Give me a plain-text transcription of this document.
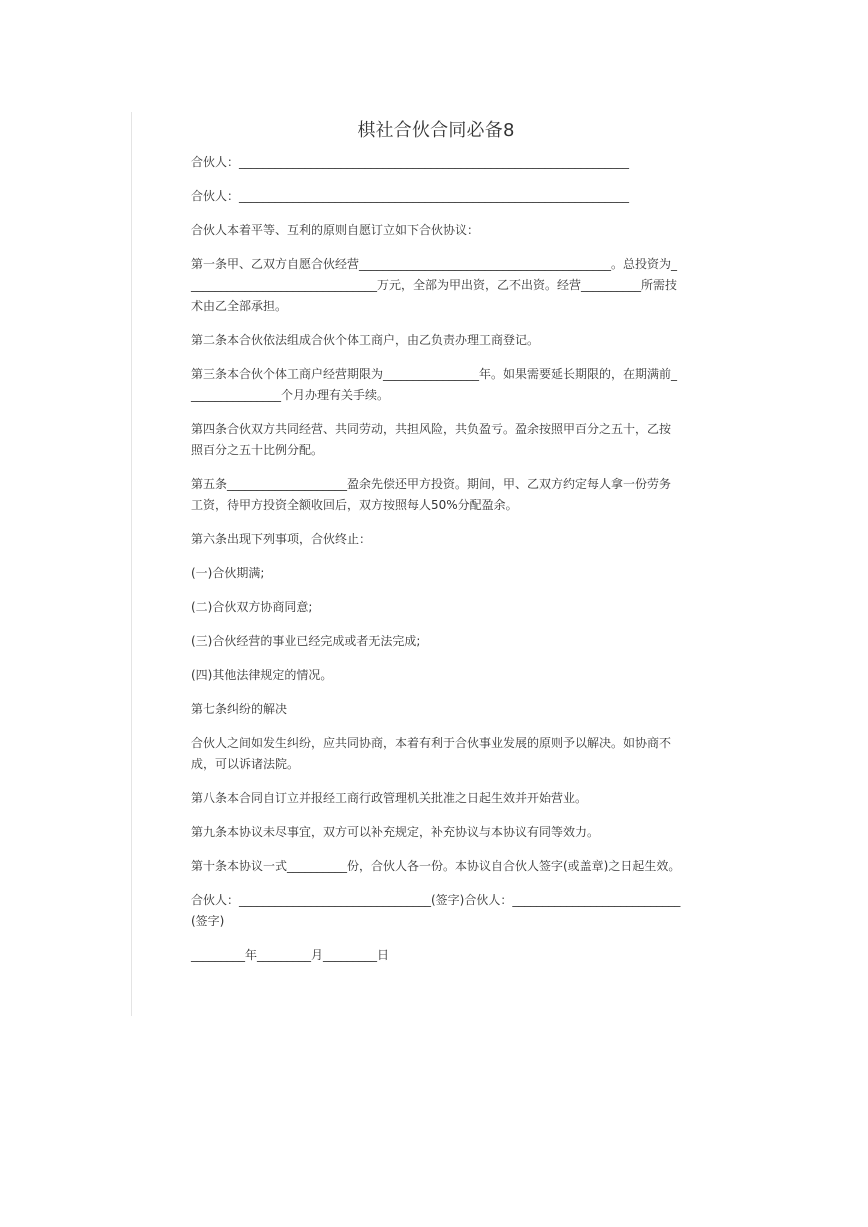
棋社合伙合同必备8

合伙人：_________________________________________________________________

合伙人：_________________________________________________________________

合伙人本着平等、互利的原则自愿订立如下合伙协议：

第一条甲、乙双方自愿合伙经营__________________________________________。总投资为________________________________万元，全部为甲出资，乙不出资。经营__________所需技术由乙全部承担。

第二条本合伙依法组成合伙个体工商户，由乙负责办理工商登记。

第三条本合伙个体工商户经营期限为________________年。如果需要延长期限的，在期满前________________个月办理有关手续。

第四条合伙双方共同经营、共同劳动，共担风险，共负盈亏。盈余按照甲百分之五十，乙按照百分之五十比例分配。

第五条____________________盈余先偿还甲方投资。期间，甲、乙双方约定每人拿一份劳务工资，待甲方投资全额收回后，双方按照每人50%分配盈余。

第六条出现下列事项，合伙终止：

(一)合伙期满;

(二)合伙双方协商同意;

(三)合伙经营的事业已经完成或者无法完成;

(四)其他法律规定的情况。

第七条纠纷的解决

合伙人之间如发生纠纷，应共同协商，本着有利于合伙事业发展的原则予以解决。如协商不成，可以诉诸法院。

第八条本合同自订立并报经工商行政管理机关批准之日起生效并开始营业。

第九条本协议未尽事宜，双方可以补充规定，补充协议与本协议有同等效力。

第十条本协议一式__________份，合伙人各一份。本协议自合伙人签字(或盖章)之日起生效。

合伙人：________________________________(签字)合伙人：____________________________(签字)

_________年_________月_________日
